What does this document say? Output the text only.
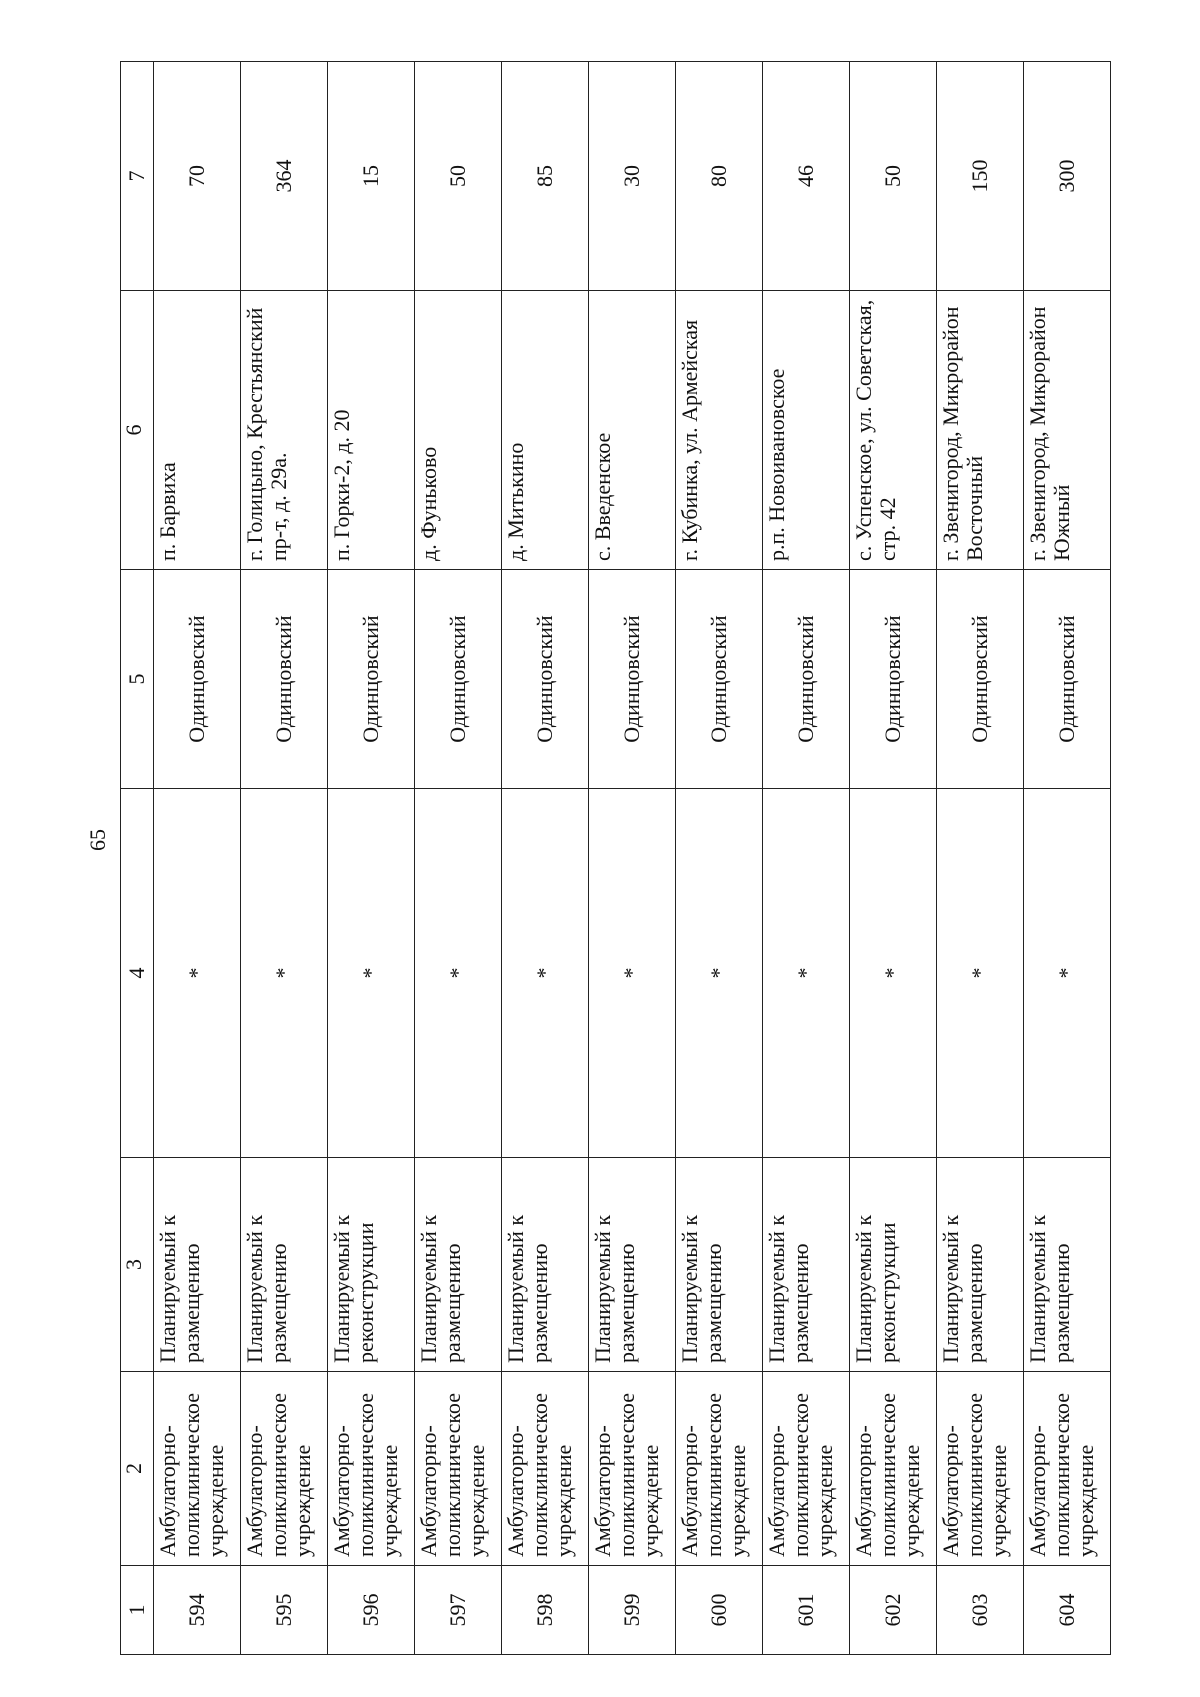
65
1	2	3	4	5	6	7
594	Амбулаторно-поликлиническое учреждение	Планируемый к размещению	*	Одинцовский	п. Барвиха	70
595	Амбулаторно-поликлиническое учреждение	Планируемый к размещению	*	Одинцовский	г. Голицыно, Крестьянский пр-т, д. 29а.	364
596	Амбулаторно-поликлиническое учреждение	Планируемый к реконструкции	*	Одинцовский	п. Горки-2, д. 20	15
597	Амбулаторно-поликлиническое учреждение	Планируемый к размещению	*	Одинцовский	д. Фуньково	50
598	Амбулаторно-поликлиническое учреждение	Планируемый к размещению	*	Одинцовский	д. Митькино	85
599	Амбулаторно-поликлиническое учреждение	Планируемый к размещению	*	Одинцовский	с. Введенское	30
600	Амбулаторно-поликлиническое учреждение	Планируемый к размещению	*	Одинцовский	г. Кубинка, ул. Армейская	80
601	Амбулаторно-поликлиническое учреждение	Планируемый к размещению	*	Одинцовский	р.п. Новоивановское	46
602	Амбулаторно-поликлиническое учреждение	Планируемый к реконструкции	*	Одинцовский	с. Успенское, ул. Советская, стр. 42	50
603	Амбулаторно-поликлиническое учреждение	Планируемый к размещению	*	Одинцовский	г. Звенигород, Микрорайон Восточный	150
604	Амбулаторно-поликлиническое учреждение	Планируемый к размещению	*	Одинцовский	г. Звенигород, Микрорайон Южный	300
